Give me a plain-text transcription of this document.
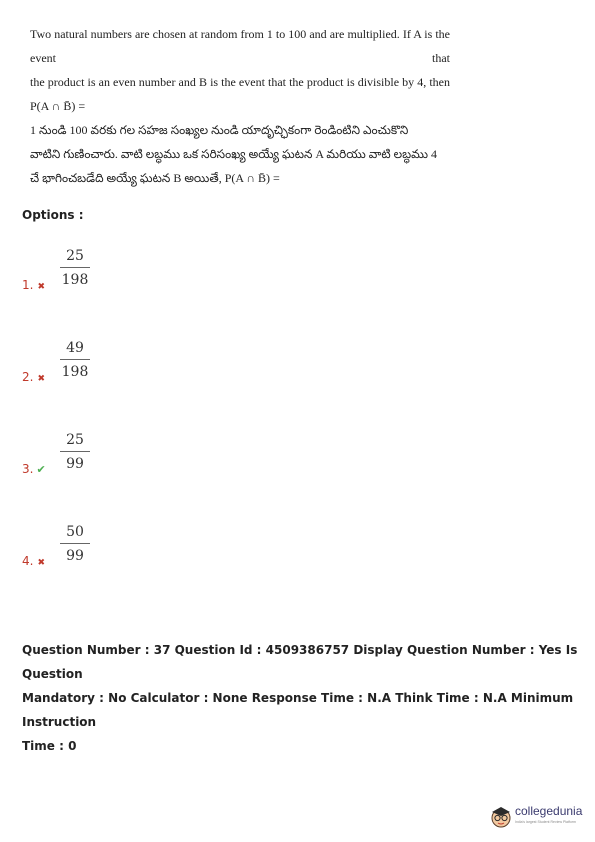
Two natural numbers are chosen at random from 1 to 100 and are multiplied. If A is the event that
the product is an even number and B is the event that the product is divisible by 4, then
P(A ∩ B̄) =
1 నుండి 100 వరకు గల సహజ సంఖ్యల నుండి యాదృచ్ఛికంగా రెండింటిని ఎంచుకొని
వాటిని గుణించారు. వాటి లబ్ధము ఒక సరిసంఖ్య అయ్యే ఘటన A మరియు వాటి లబ్ధము 4
చే భాగించబడేది అయ్యే ఘటన B అయితే, P(A ∩ B̄) =
Options :
25
198
1. ✖
49
198
2. ✖
25
99
3. ✔
50
99
4. ✖
Question Number : 37 Question Id : 4509386757 Display Question Number : Yes Is Question
Mandatory : No Calculator : None Response Time : N.A Think Time : N.A Minimum Instruction
Time : 0
collegedunia
India's largest Student Review Platform
